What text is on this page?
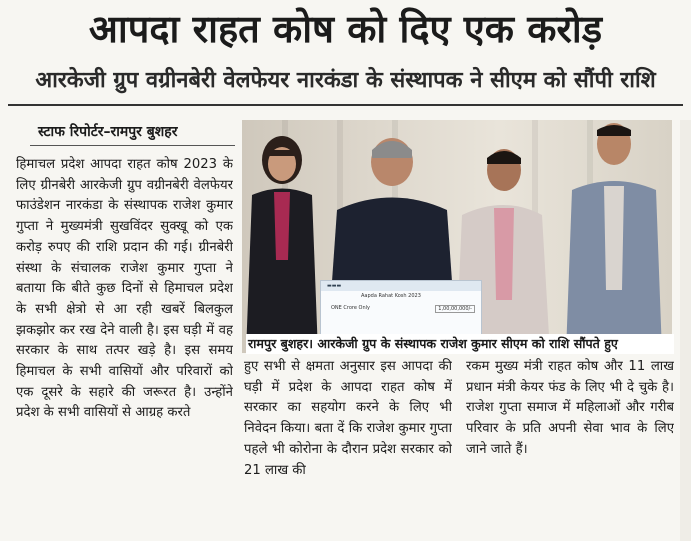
आपदा राहत कोष को दिए एक करोड़
आरकेजी ग्रुप वग्रीनबेरी वेलफेयर नारकंडा के संस्थापक ने सीएम को सौंपी राशि
स्टाफ रिपोर्टर–रामपुर बुशहर
हिमाचल प्रदेश आपदा राहत कोष 2023 के लिए ग्रीनबेरी आरकेजी ग्रुप वग्रीनबेरी वेलफेयर फाउंडेशन नारकंडा के संस्थापक राजेश कुमार गुप्ता ने मुख्यमंत्री सुखविंदर सुक्खू को एक करोड़ रुपए की राशि प्रदान की गई। ग्रीनबेरी संस्था के संचालक राजेश कुमार गुप्ता ने बताया कि बीते कुछ दिनों से हिमाचल प्रदेश के सभी क्षेत्रो से आ रही खबरें बिलकुल झकझोर कर रख देने वाली है। इस घड़ी में वह सरकार के साथ तत्पर खड़े है। इस समय हिमाचल के सभी वासियों और परिवारों को एक दूसरे के सहारे की जरूरत है। उन्होंने प्रदेश के सभी वासियों से आग्रह करते
▬▬▬
Aapda Rahat Kosh 2023
ONE Crore Only	1,00,00,000/-
रामपुर बुशहर। आरकेजी ग्रुप के संस्थापक राजेश कुमार सीएम को राशि सौंपते हुए
हुए सभी से क्षमता अनुसार इस आपदा की घड़ी में प्रदेश के आपदा राहत कोष में सरकार का सहयोग करने के लिए भी निवेदन किया। बता दें कि राजेश कुमार गुप्ता पहले भी कोरोना के दौरान प्रदेश सरकार को 21 लाख की
रकम मुख्य मंत्री राहत कोष और 11 लाख प्रधान मंत्री केयर फंड के लिए भी दे चुके है। राजेश गुप्ता समाज में महिलाओं और गरीब परिवार के प्रति अपनी सेवा भाव के लिए जाने जाते हैं।
